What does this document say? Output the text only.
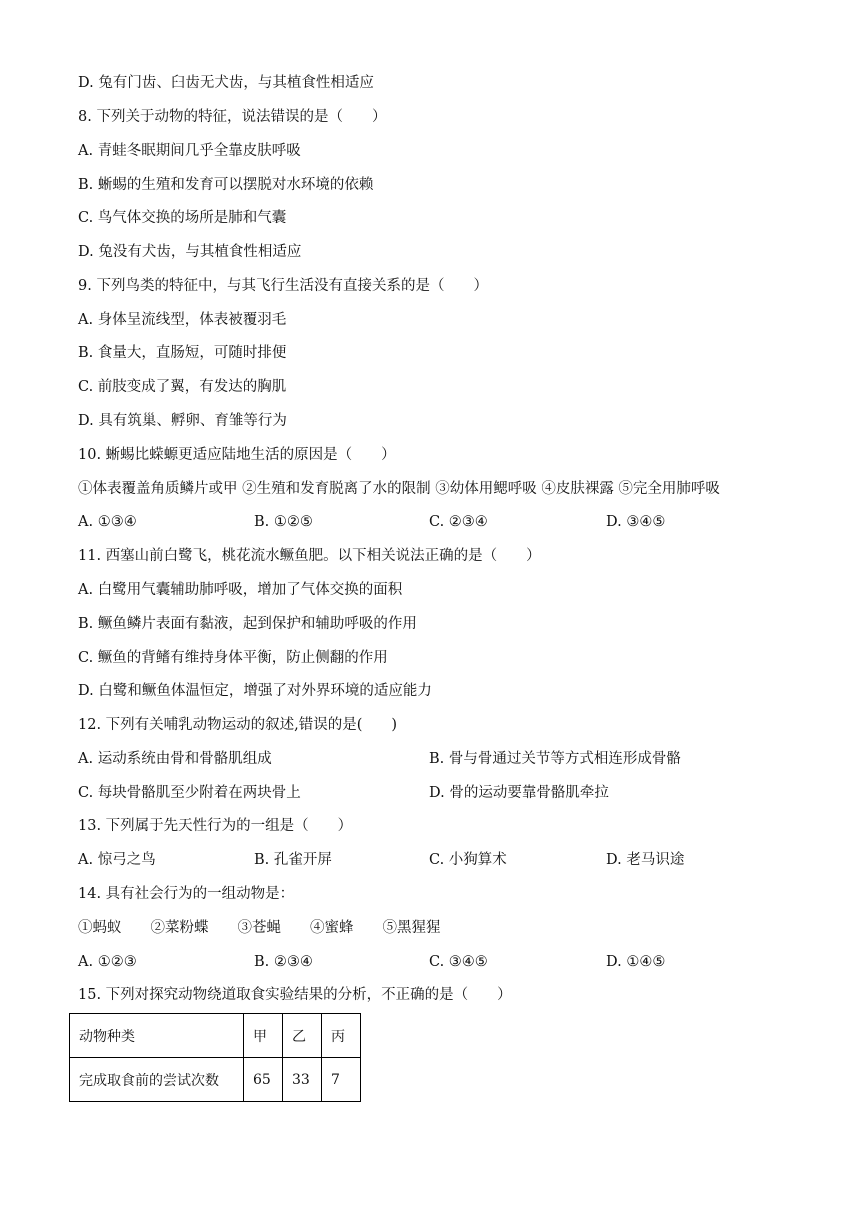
D. 兔有门齿、臼齿无犬齿，与其植食性相适应
8. 下列关于动物的特征，说法错误的是（　　）
A. 青蛙冬眠期间几乎全靠皮肤呼吸
B. 蜥蜴的生殖和发育可以摆脱对水环境的依赖
C. 鸟气体交换的场所是肺和气囊
D. 兔没有犬齿，与其植食性相适应
9. 下列鸟类的特征中，与其飞行生活没有直接关系的是（　　）
A. 身体呈流线型，体表被覆羽毛
B. 食量大，直肠短，可随时排便
C. 前肢变成了翼，有发达的胸肌
D. 具有筑巢、孵卵、育雏等行为
10. 蜥蜴比蝾螈更适应陆地生活的原因是（　　）
①体表覆盖角质鳞片或甲 ②生殖和发育脱离了水的限制 ③幼体用鳃呼吸 ④皮肤裸露 ⑤完全用肺呼吸
A. ①③④	B. ①②⑤	C. ②③④	D. ③④⑤
11. 西塞山前白鹭飞，桃花流水鳜鱼肥。以下相关说法正确的是（　　）
A. 白鹭用气囊辅助肺呼吸，增加了气体交换的面积
B. 鳜鱼鳞片表面有黏液，起到保护和辅助呼吸的作用
C. 鳜鱼的背鳍有维持身体平衡，防止侧翻的作用
D. 白鹭和鳜鱼体温恒定，增强了对外界环境的适应能力
12. 下列有关哺乳动物运动的叙述,错误的是(　　)
A. 运动系统由骨和骨骼肌组成	B. 骨与骨通过关节等方式相连形成骨骼
C. 每块骨骼肌至少附着在两块骨上	D. 骨的运动要靠骨骼肌牵拉
13. 下列属于先天性行为的一组是（　　）
A. 惊弓之鸟	B. 孔雀开屏	C. 小狗算术	D. 老马识途
14. 具有社会行为的一组动物是：
①蚂蚁　　②菜粉蝶　　③苍蝇　　④蜜蜂　　⑤黑猩猩
A. ①②③	B. ②③④	C. ③④⑤	D. ①④⑤
15. 下列对探究动物绕道取食实验结果的分析，不正确的是（　　）
动物种类	甲	乙	丙
完成取食前的尝试次数	65	33	7
